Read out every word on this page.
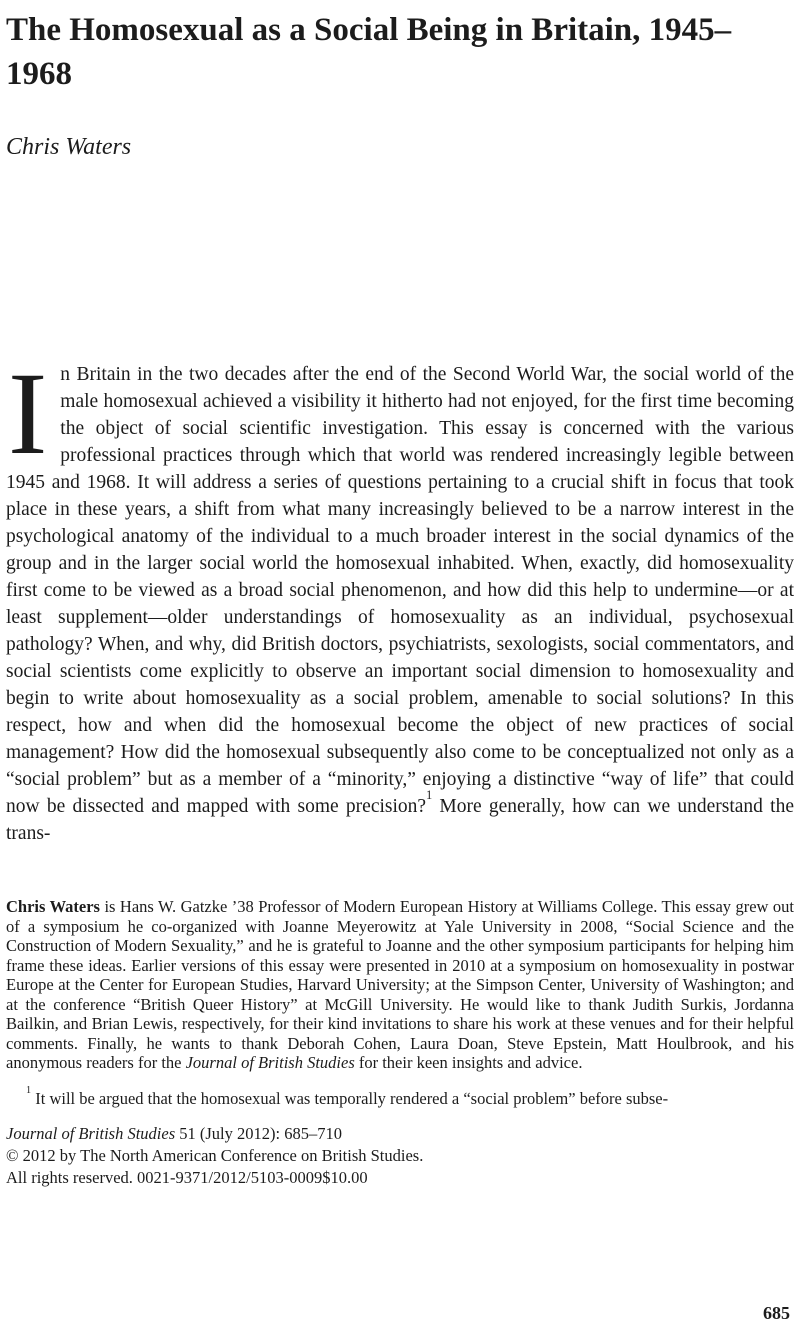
The Homosexual as a Social Being in Britain, 1945–1968
Chris Waters

In Britain in the two decades after the end of the Second World War, the social world of the male homosexual achieved a visibility it hitherto had not enjoyed, for the first time becoming the object of social scientific investigation. This essay is concerned with the various professional practices through which that world was rendered increasingly legible between 1945 and 1968. It will address a series of questions pertaining to a crucial shift in focus that took place in these years, a shift from what many increasingly believed to be a narrow interest in the psychological anatomy of the individual to a much broader interest in the social dynamics of the group and in the larger social world the homosexual inhabited. When, exactly, did homosexuality first come to be viewed as a broad social phenomenon, and how did this help to undermine—or at least supplement—older understandings of homosexuality as an individual, psychosexual pathology? When, and why, did British doctors, psychiatrists, sexologists, social commentators, and social scientists come explicitly to observe an important social dimension to homosexuality and begin to write about homosexuality as a social problem, amenable to social solutions? In this respect, how and when did the homosexual become the object of new practices of social management? How did the homosexual subsequently also come to be conceptualized not only as a “social problem” but as a member of a “minority,” enjoying a distinctive “way of life” that could now be dissected and mapped with some precision?$^1$ More generally, how can we understand the trans-

Chris Waters is Hans W. Gatzke ’38 Professor of Modern European History at Williams College. This essay grew out of a symposium he co-organized with Joanne Meyerowitz at Yale University in 2008, “Social Science and the Construction of Modern Sexuality,” and he is grateful to Joanne and the other symposium participants for helping him frame these ideas. Earlier versions of this essay were presented in 2010 at a symposium on homosexuality in postwar Europe at the Center for European Studies, Harvard University; at the Simpson Center, University of Washington; and at the conference “British Queer History” at McGill University. He would like to thank Judith Surkis, Jordanna Bailkin, and Brian Lewis, respectively, for their kind invitations to share his work at these venues and for their helpful comments. Finally, he wants to thank Deborah Cohen, Laura Doan, Steve Epstein, Matt Houlbrook, and his anonymous readers for the Journal of British Studies for their keen insights and advice.

$^1$ It will be argued that the homosexual was temporally rendered a “social problem” before subse-

Journal of British Studies 51 (July 2012): 685–710
© 2012 by The North American Conference on British Studies.
All rights reserved. 0021-9371/2012/5103-0009$10.00
685
